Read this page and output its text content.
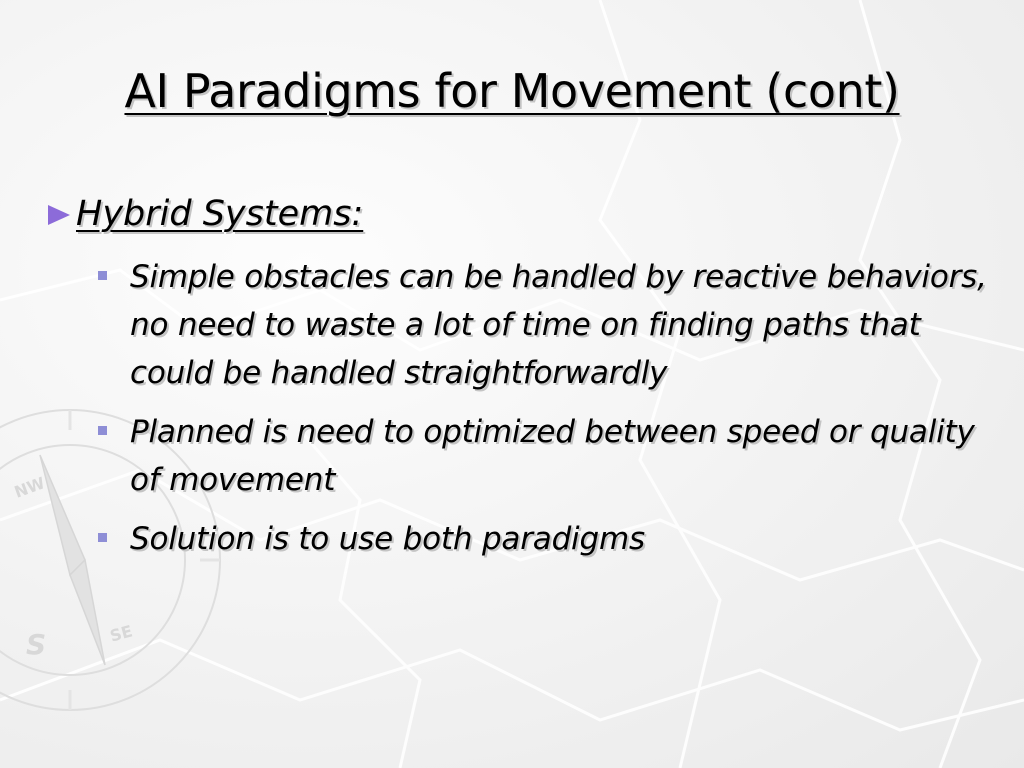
NW
S	SE
AI Paradigms for Movement (cont)
Hybrid Systems:
Simple obstacles can be handled by reactive behaviors, no need to waste a lot of time on finding paths that could be handled straightforwardly
Planned is need to optimized between speed or quality of movement
Solution is to use both paradigms
